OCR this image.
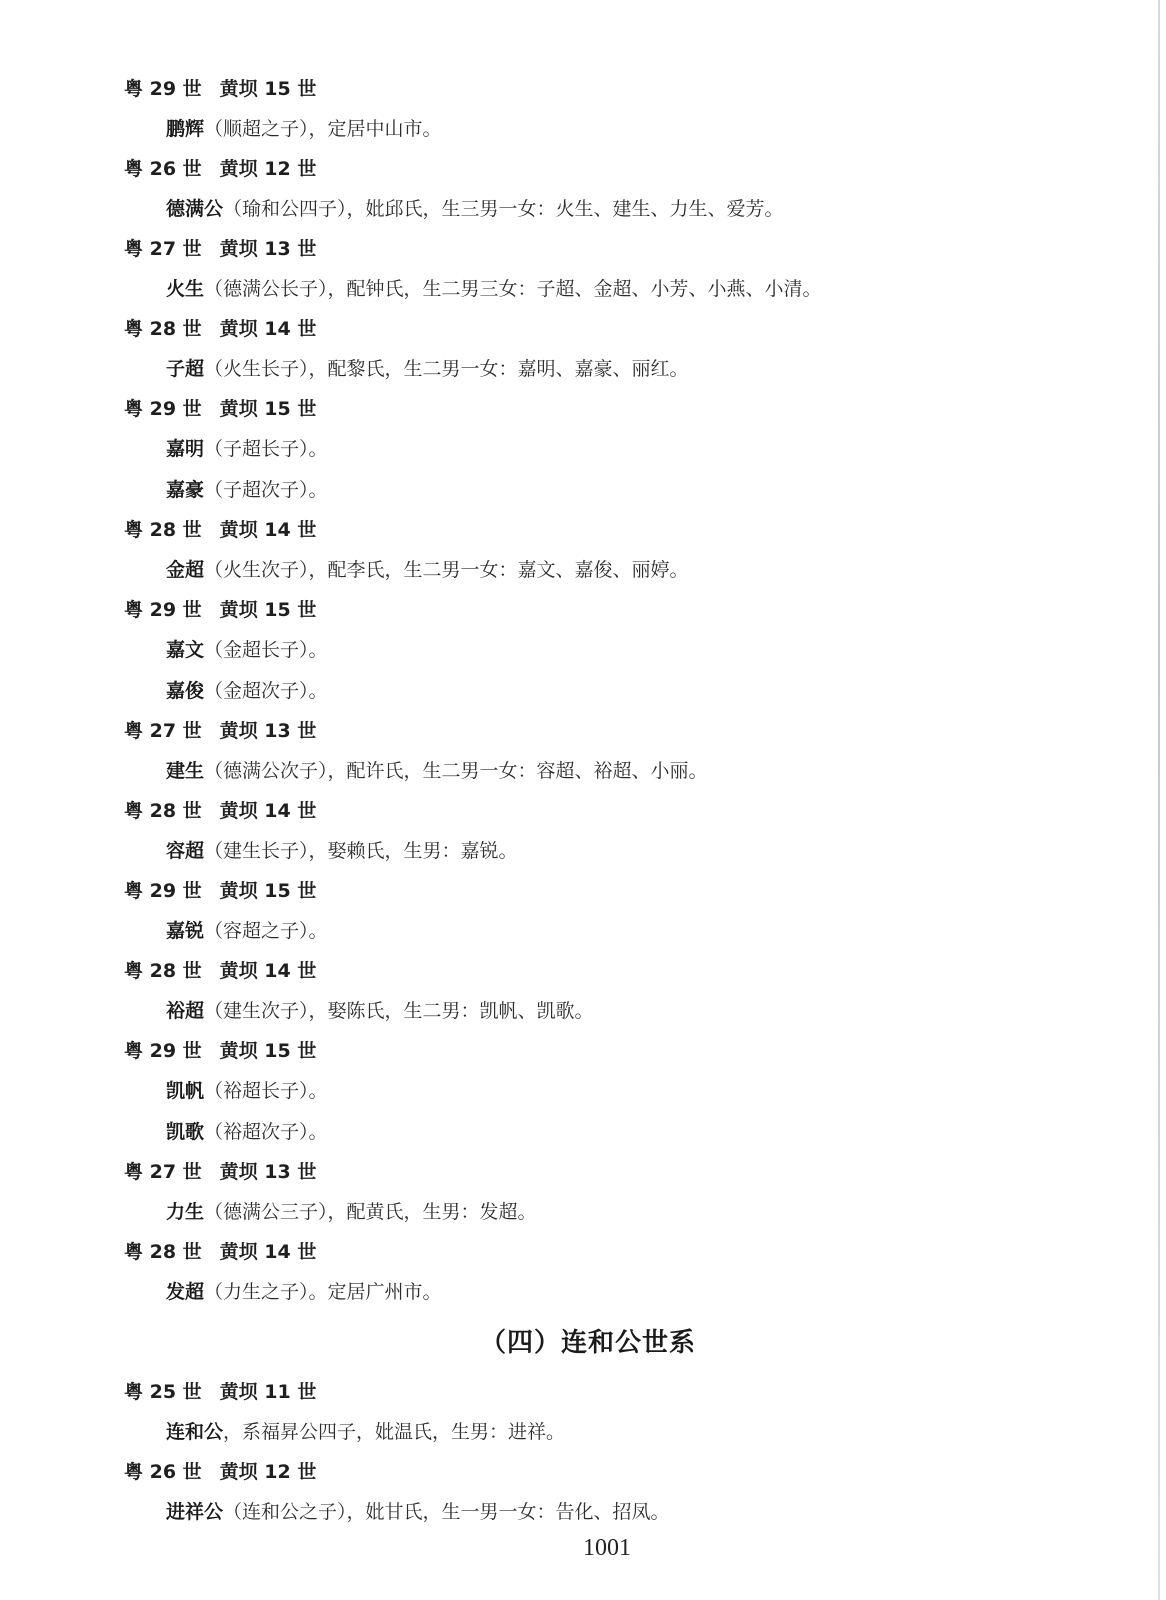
粤 29 世 黄坝 15 世
鹏辉（顺超之子），定居中山市。
粤 26 世 黄坝 12 世
德满公（瑜和公四子），妣邱氏，生三男一女：火生、建生、力生、爱芳。
粤 27 世 黄坝 13 世
火生（德满公长子），配钟氏，生二男三女：子超、金超、小芳、小燕、小清。
粤 28 世 黄坝 14 世
子超（火生长子），配黎氏，生二男一女：嘉明、嘉豪、丽红。
粤 29 世 黄坝 15 世
嘉明（子超长子）。
嘉豪（子超次子）。
粤 28 世 黄坝 14 世
金超（火生次子），配李氏，生二男一女：嘉文、嘉俊、丽婷。
粤 29 世 黄坝 15 世
嘉文（金超长子）。
嘉俊（金超次子）。
粤 27 世 黄坝 13 世
建生（德满公次子），配许氏，生二男一女：容超、裕超、小丽。
粤 28 世 黄坝 14 世
容超（建生长子），娶赖氏，生男：嘉锐。
粤 29 世 黄坝 15 世
嘉锐（容超之子）。
粤 28 世 黄坝 14 世
裕超（建生次子），娶陈氏，生二男：凯帆、凯歌。
粤 29 世 黄坝 15 世
凯帆（裕超长子）。
凯歌（裕超次子）。
粤 27 世 黄坝 13 世
力生（德满公三子），配黄氏，生男：发超。
粤 28 世 黄坝 14 世
发超（力生之子）。定居广州市。
（四）连和公世系
粤 25 世 黄坝 11 世
连和公，系福昇公四子，妣温氏，生男：进祥。
粤 26 世 黄坝 12 世
进祥公（连和公之子），妣甘氏，生一男一女：告化、招凤。
1001
